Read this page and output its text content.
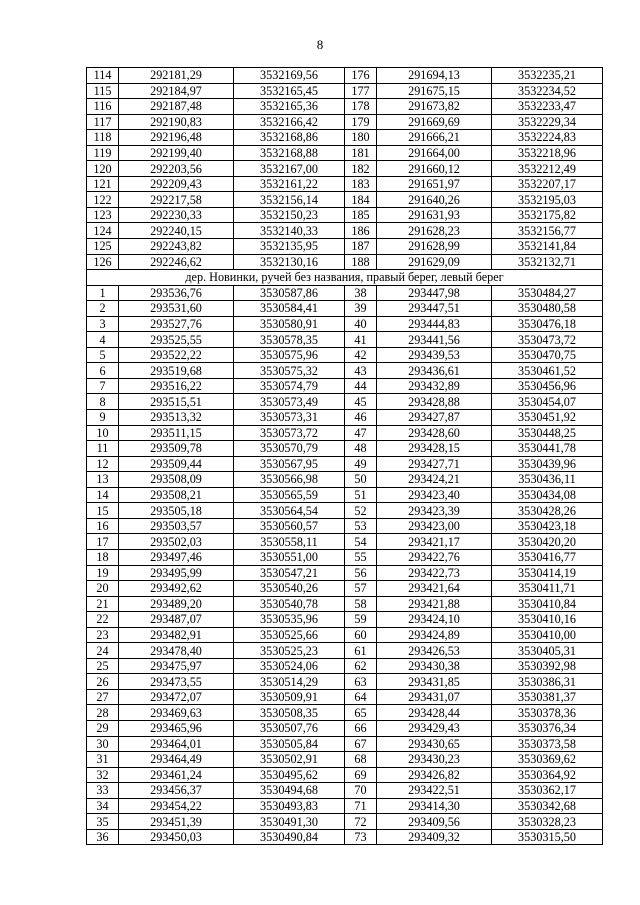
8
114	292181,29	3532169,56	176	291694,13	3532235,21
115	292184,97	3532165,45	177	291675,15	3532234,52
116	292187,48	3532165,36	178	291673,82	3532233,47
117	292190,83	3532166,42	179	291669,69	3532229,34
118	292196,48	3532168,86	180	291666,21	3532224,83
119	292199,40	3532168,88	181	291664,00	3532218,96
120	292203,56	3532167,00	182	291660,12	3532212,49
121	292209,43	3532161,22	183	291651,97	3532207,17
122	292217,58	3532156,14	184	291640,26	3532195,03
123	292230,33	3532150,23	185	291631,93	3532175,82
124	292240,15	3532140,33	186	291628,23	3532156,77
125	292243,82	3532135,95	187	291628,99	3532141,84
126	292246,62	3532130,16	188	291629,09	3532132,71
дер. Новинки, ручей без названия, правый берег, левый берег					
1	293536,76	3530587,86	38	293447,98	3530484,27
2	293531,60	3530584,41	39	293447,51	3530480,58
3	293527,76	3530580,91	40	293444,83	3530476,18
4	293525,55	3530578,35	41	293441,56	3530473,72
5	293522,22	3530575,96	42	293439,53	3530470,75
6	293519,68	3530575,32	43	293436,61	3530461,52
7	293516,22	3530574,79	44	293432,89	3530456,96
8	293515,51	3530573,49	45	293428,88	3530454,07
9	293513,32	3530573,31	46	293427,87	3530451,92
10	293511,15	3530573,72	47	293428,60	3530448,25
11	293509,78	3530570,79	48	293428,15	3530441,78
12	293509,44	3530567,95	49	293427,71	3530439,96
13	293508,09	3530566,98	50	293424,21	3530436,11
14	293508,21	3530565,59	51	293423,40	3530434,08
15	293505,18	3530564,54	52	293423,39	3530428,26
16	293503,57	3530560,57	53	293423,00	3530423,18
17	293502,03	3530558,11	54	293421,17	3530420,20
18	293497,46	3530551,00	55	293422,76	3530416,77
19	293495,99	3530547,21	56	293422,73	3530414,19
20	293492,62	3530540,26	57	293421,64	3530411,71
21	293489,20	3530540,78	58	293421,88	3530410,84
22	293487,07	3530535,96	59	293424,10	3530410,16
23	293482,91	3530525,66	60	293424,89	3530410,00
24	293478,40	3530525,23	61	293426,53	3530405,31
25	293475,97	3530524,06	62	293430,38	3530392,98
26	293473,55	3530514,29	63	293431,85	3530386,31
27	293472,07	3530509,91	64	293431,07	3530381,37
28	293469,63	3530508,35	65	293428,44	3530378,36
29	293465,96	3530507,76	66	293429,43	3530376,34
30	293464,01	3530505,84	67	293430,65	3530373,58
31	293464,49	3530502,91	68	293430,23	3530369,62
32	293461,24	3530495,62	69	293426,82	3530364,92
33	293456,37	3530494,68	70	293422,51	3530362,17
34	293454,22	3530493,83	71	293414,30	3530342,68
35	293451,39	3530491,30	72	293409,56	3530328,23
36	293450,03	3530490,84	73	293409,32	3530315,50
